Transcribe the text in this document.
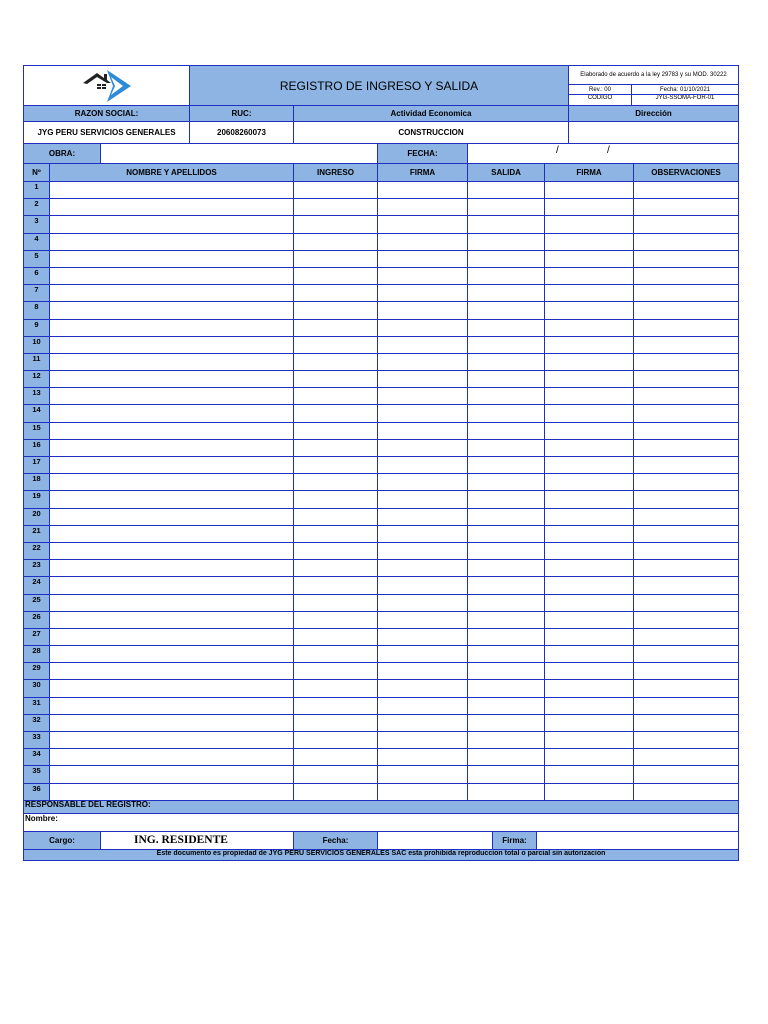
	REGISTRO DE INGRESO Y SALIDA	Elaborado de acuerdo a la ley 29783 y su MOD. 30222	
		Rev.: 00	Fecha: 01/10/2021
		CODIGO	JYG-SSOMA-FOR-01
RAZON SOCIAL:	RUC:	Actividad Economica	Dirección
JYG PERU SERVICIOS GENERALES	20608260073	CONSTRUCCION	
OBRA:		FECHA:	/	/
Nº	NOMBRE Y APELLIDOS	INGRESO	FIRMA	SALIDA	FIRMA	OBSERVACIONES
1						
2						
3						
4						
5						
6						
7						
8						
9						
10						
11						
12						
13						
14						
15						
16						
17						
18						
19						
20						
21						
22						
23						
24						
25						
26						
27						
28						
29						
30						
31						
32						
33						
34						
35						
36						
RESPONSABLE DEL REGISTRO:
Nombre:
Cargo:	ING. RESIDENTE	Fecha:		Firma:	
Este documento es propiedad de JYG PERU SERVICIOS GENERALES SAC esta prohibida reproduccion total o parcial sin autorizacion
